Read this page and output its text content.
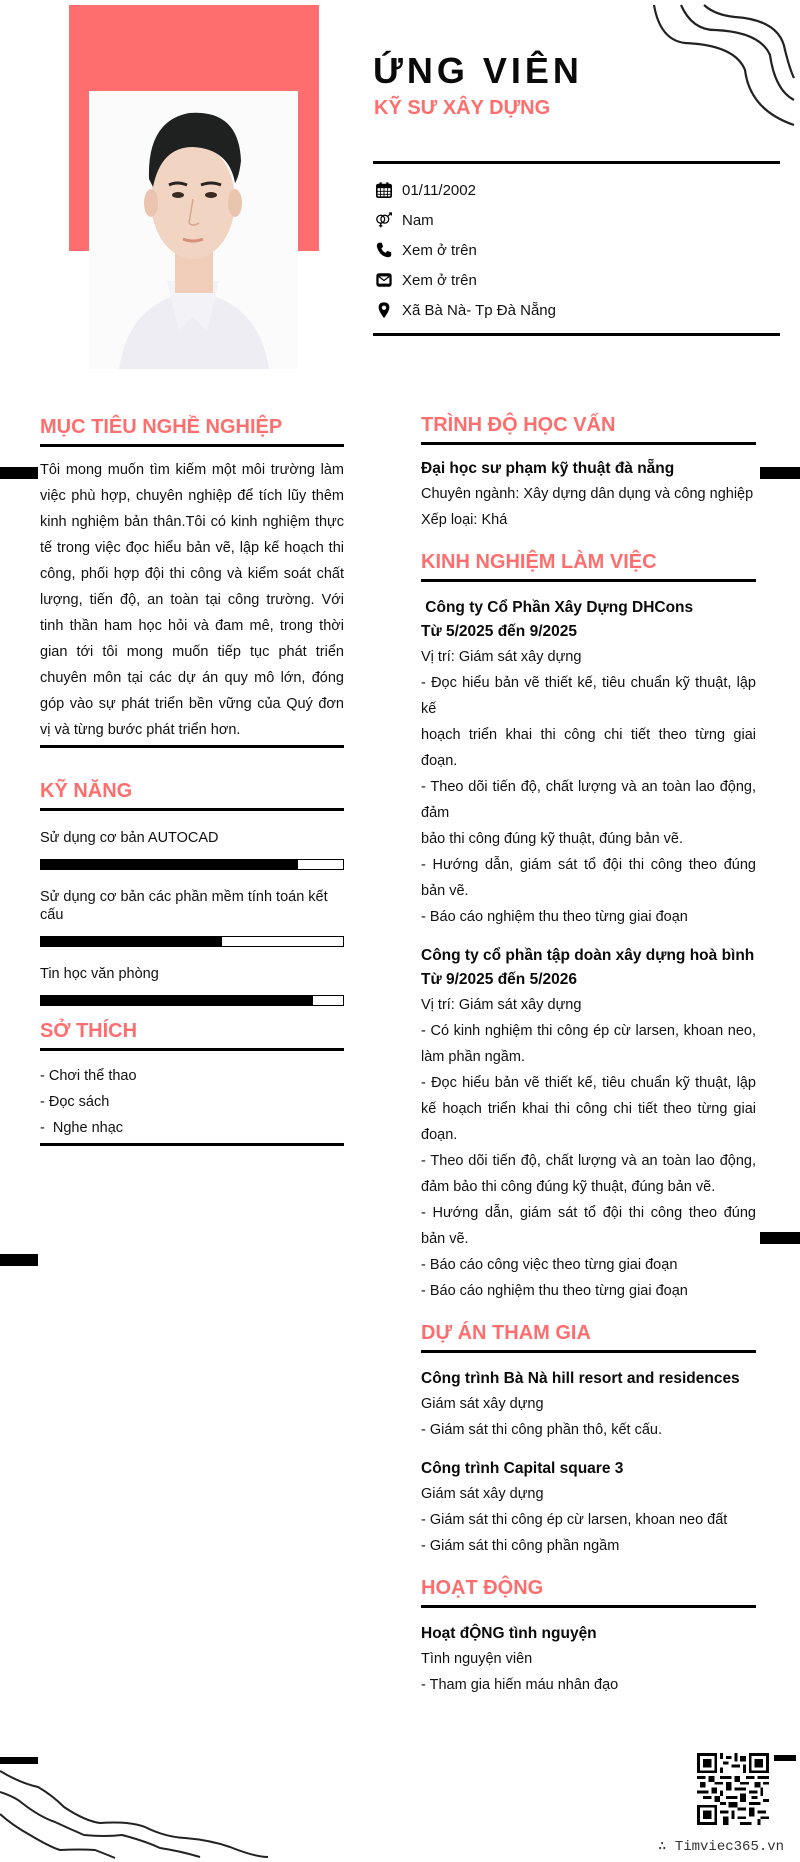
ỨNG VIÊN
KỸ SƯ XÂY DỰNG
01/11/2002
Nam
Xem ở trên
Xem ở trên
Xã Bà Nà- Tp Đà Nẵng
MỤC TIÊU NGHỀ NGHIỆP
Tôi mong muốn tìm kiếm một môi trường làm việc phù hợp, chuyên nghiệp để tích lũy thêm kinh nghiệm bản thân.Tôi có kinh nghiệm thực tế trong việc đọc hiểu bản vẽ, lập kế hoạch thi công, phối hợp đội thi công và kiểm soát chất lượng, tiến độ, an toàn tại công trường. Với tinh thần ham học hỏi và đam mê, trong thời gian tới tôi mong muốn tiếp tục phát triển chuyên môn tại các dự án quy mô lớn, đóng góp vào sự phát triển bền vững của Quý đơn vị và từng bước phát triển hơn.
KỸ NĂNG
Sử dụng cơ bản AUTOCAD
Sử dụng cơ bản các phần mềm tính toán kết cấu
Tin học văn phòng
SỞ THÍCH
- Chơi thể thao
- Đọc sách
-  Nghe nhạc
TRÌNH ĐỘ HỌC VẤN
Đại học sư phạm kỹ thuật đà nẵng
Chuyên ngành: Xây dựng dân dụng và công nghiệp
Xếp loại: Khá
KINH NGHIỆM LÀM VIỆC
Công ty Cổ Phần Xây Dựng DHCons
Từ 5/2025 đến 9/2025
Vị trí: Giám sát xây dựng
- Đọc hiểu bản vẽ thiết kế, tiêu chuẩn kỹ thuật, lập kế
hoạch triển khai thi công chi tiết theo từng giai đoạn.
- Theo dõi tiến độ, chất lượng và an toàn lao động, đảm
bảo thi công đúng kỹ thuật, đúng bản vẽ.
- Hướng dẫn, giám sát tổ đội thi công theo đúng bản vẽ.
- Báo cáo nghiệm thu theo từng giai đoạn
Công ty cổ phần tập doàn xây dựng hoà bình
Từ 9/2025 đến 5/2026
Vị trí: Giám sát xây dựng
- Có kinh nghiệm thi công ép cừ larsen, khoan neo, làm phần ngầm.
- Đọc hiểu bản vẽ thiết kế, tiêu chuẩn kỹ thuật, lập kế hoạch triển khai thi công chi tiết theo từng giai đoạn.
- Theo dõi tiến độ, chất lượng và an toàn lao động, đảm bảo thi công đúng kỹ thuật, đúng bản vẽ.
- Hướng dẫn, giám sát tổ đội thi công theo đúng bản vẽ.
- Báo cáo công việc theo từng giai đoạn
- Báo cáo nghiệm thu theo từng giai đoạn
DỰ ÁN THAM GIA
Công trình Bà Nà hill resort and residences
Giám sát xây dựng
- Giám sát thi công phần thô, kết cấu.
Công trình Capital square 3
Giám sát xây dựng
- Giám sát thi công ép cừ larsen, khoan neo đất
- Giám sát thi công phần ngầm
HOẠT ĐỘNG
Hoạt đỘNG tình nguyện
Tình nguyện viên
- Tham gia hiến máu nhân đạo
∴ Timviec365.vn
